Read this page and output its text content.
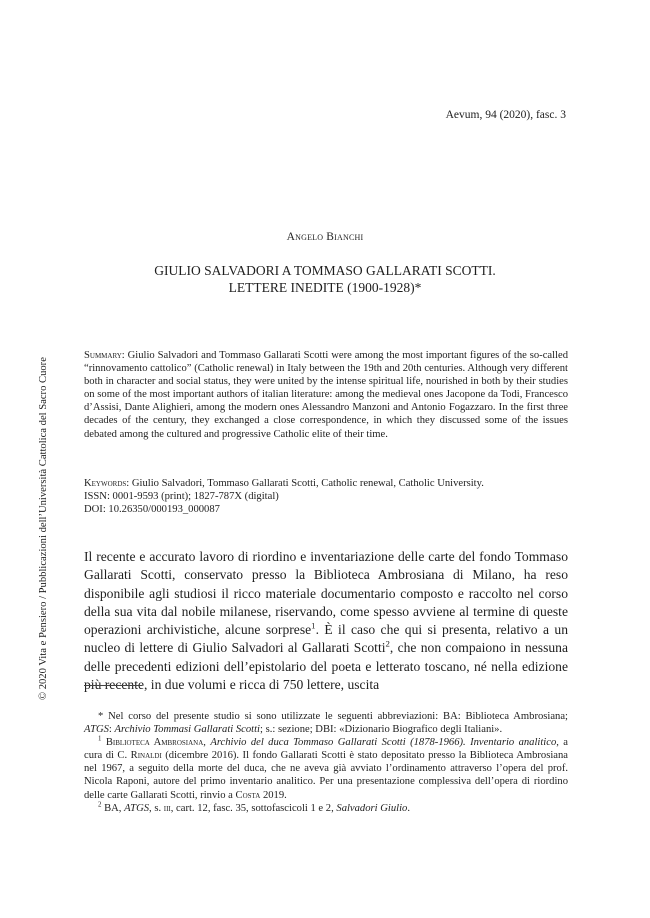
Aevum, 94 (2020), fasc. 3
Angelo Bianchi
GIULIO SALVADORI A TOMMASO GALLARATI SCOTTI.
LETTERE INEDITE (1900-1928)*
Summary: Giulio Salvadori and Tommaso Gallarati Scotti were among the most important figures of the so-called “rinnovamento cattolico” (Catholic renewal) in Italy between the 19th and 20th centuries. Although very different both in character and social status, they were united by the intense spiritual life, nourished in both by their studies on some of the most important authors of italian literature: among the medieval ones Jacopone da Todi, Francesco d’Assisi, Dante Alighieri, among the modern ones Alessandro Manzoni and Antonio Fogazzaro. In the first three decades of the century, they exchanged a close correspondence, in which they discussed some of the issues debated among the cultured and progressive Catholic elite of their time.
Keywords: Giulio Salvadori, Tommaso Gallarati Scotti, Catholic renewal, Catholic University.
ISSN: 0001-9593 (print); 1827-787X (digital)
DOI: 10.26350/000193_000087
Il recente e accurato lavoro di riordino e inventariazione delle carte del fondo Tommaso Gallarati Scotti, conservato presso la Biblioteca Ambrosiana di Milano, ha reso disponibile agli studiosi il ricco materiale documentario composto e raccolto nel corso della sua vita dal nobile milanese, riservando, come spesso avviene al termine di queste operazioni archivistiche, alcune sorprese$^1$. È il caso che qui si presenta, relativo a un nucleo di lettere di Giulio Salvadori al Gallarati Scotti$^2$, che non compaiono in nessuna delle precedenti edizioni dell’epistolario del poeta e letterato toscano, né nella edizione più recente, in due volumi e ricca di 750 lettere, uscita

* Nel corso del presente studio si sono utilizzate le seguenti abbreviazioni: BA: Biblioteca Ambrosiana; ATGS: Archivio Tommasi Gallarati Scotti; s.: sezione; DBI: «Dizionario Biografico degli Italiani».

$^1$ Biblioteca Ambrosiana, Archivio del duca Tommaso Gallarati Scotti (1878-1966). Inventario analitico, a cura di C. Rinaldi (dicembre 2016). Il fondo Gallarati Scotti è stato depositato presso la Biblioteca Ambrosiana nel 1967, a seguito della morte del duca, che ne aveva già avviato l’ordinamento attraverso l’opera del prof. Nicola Raponi, autore del primo inventario analitico. Per una presentazione complessiva dell’opera di riordino delle carte Gallarati Scotti, rinvio a Costa 2019.

$^2$ BA, ATGS, s. iii, cart. 12, fasc. 35, sottofascicoli 1 e 2, Salvadori Giulio.

© 2020 Vita e Pensiero / Pubblicazioni dell’Università Cattolica del Sacro Cuore
